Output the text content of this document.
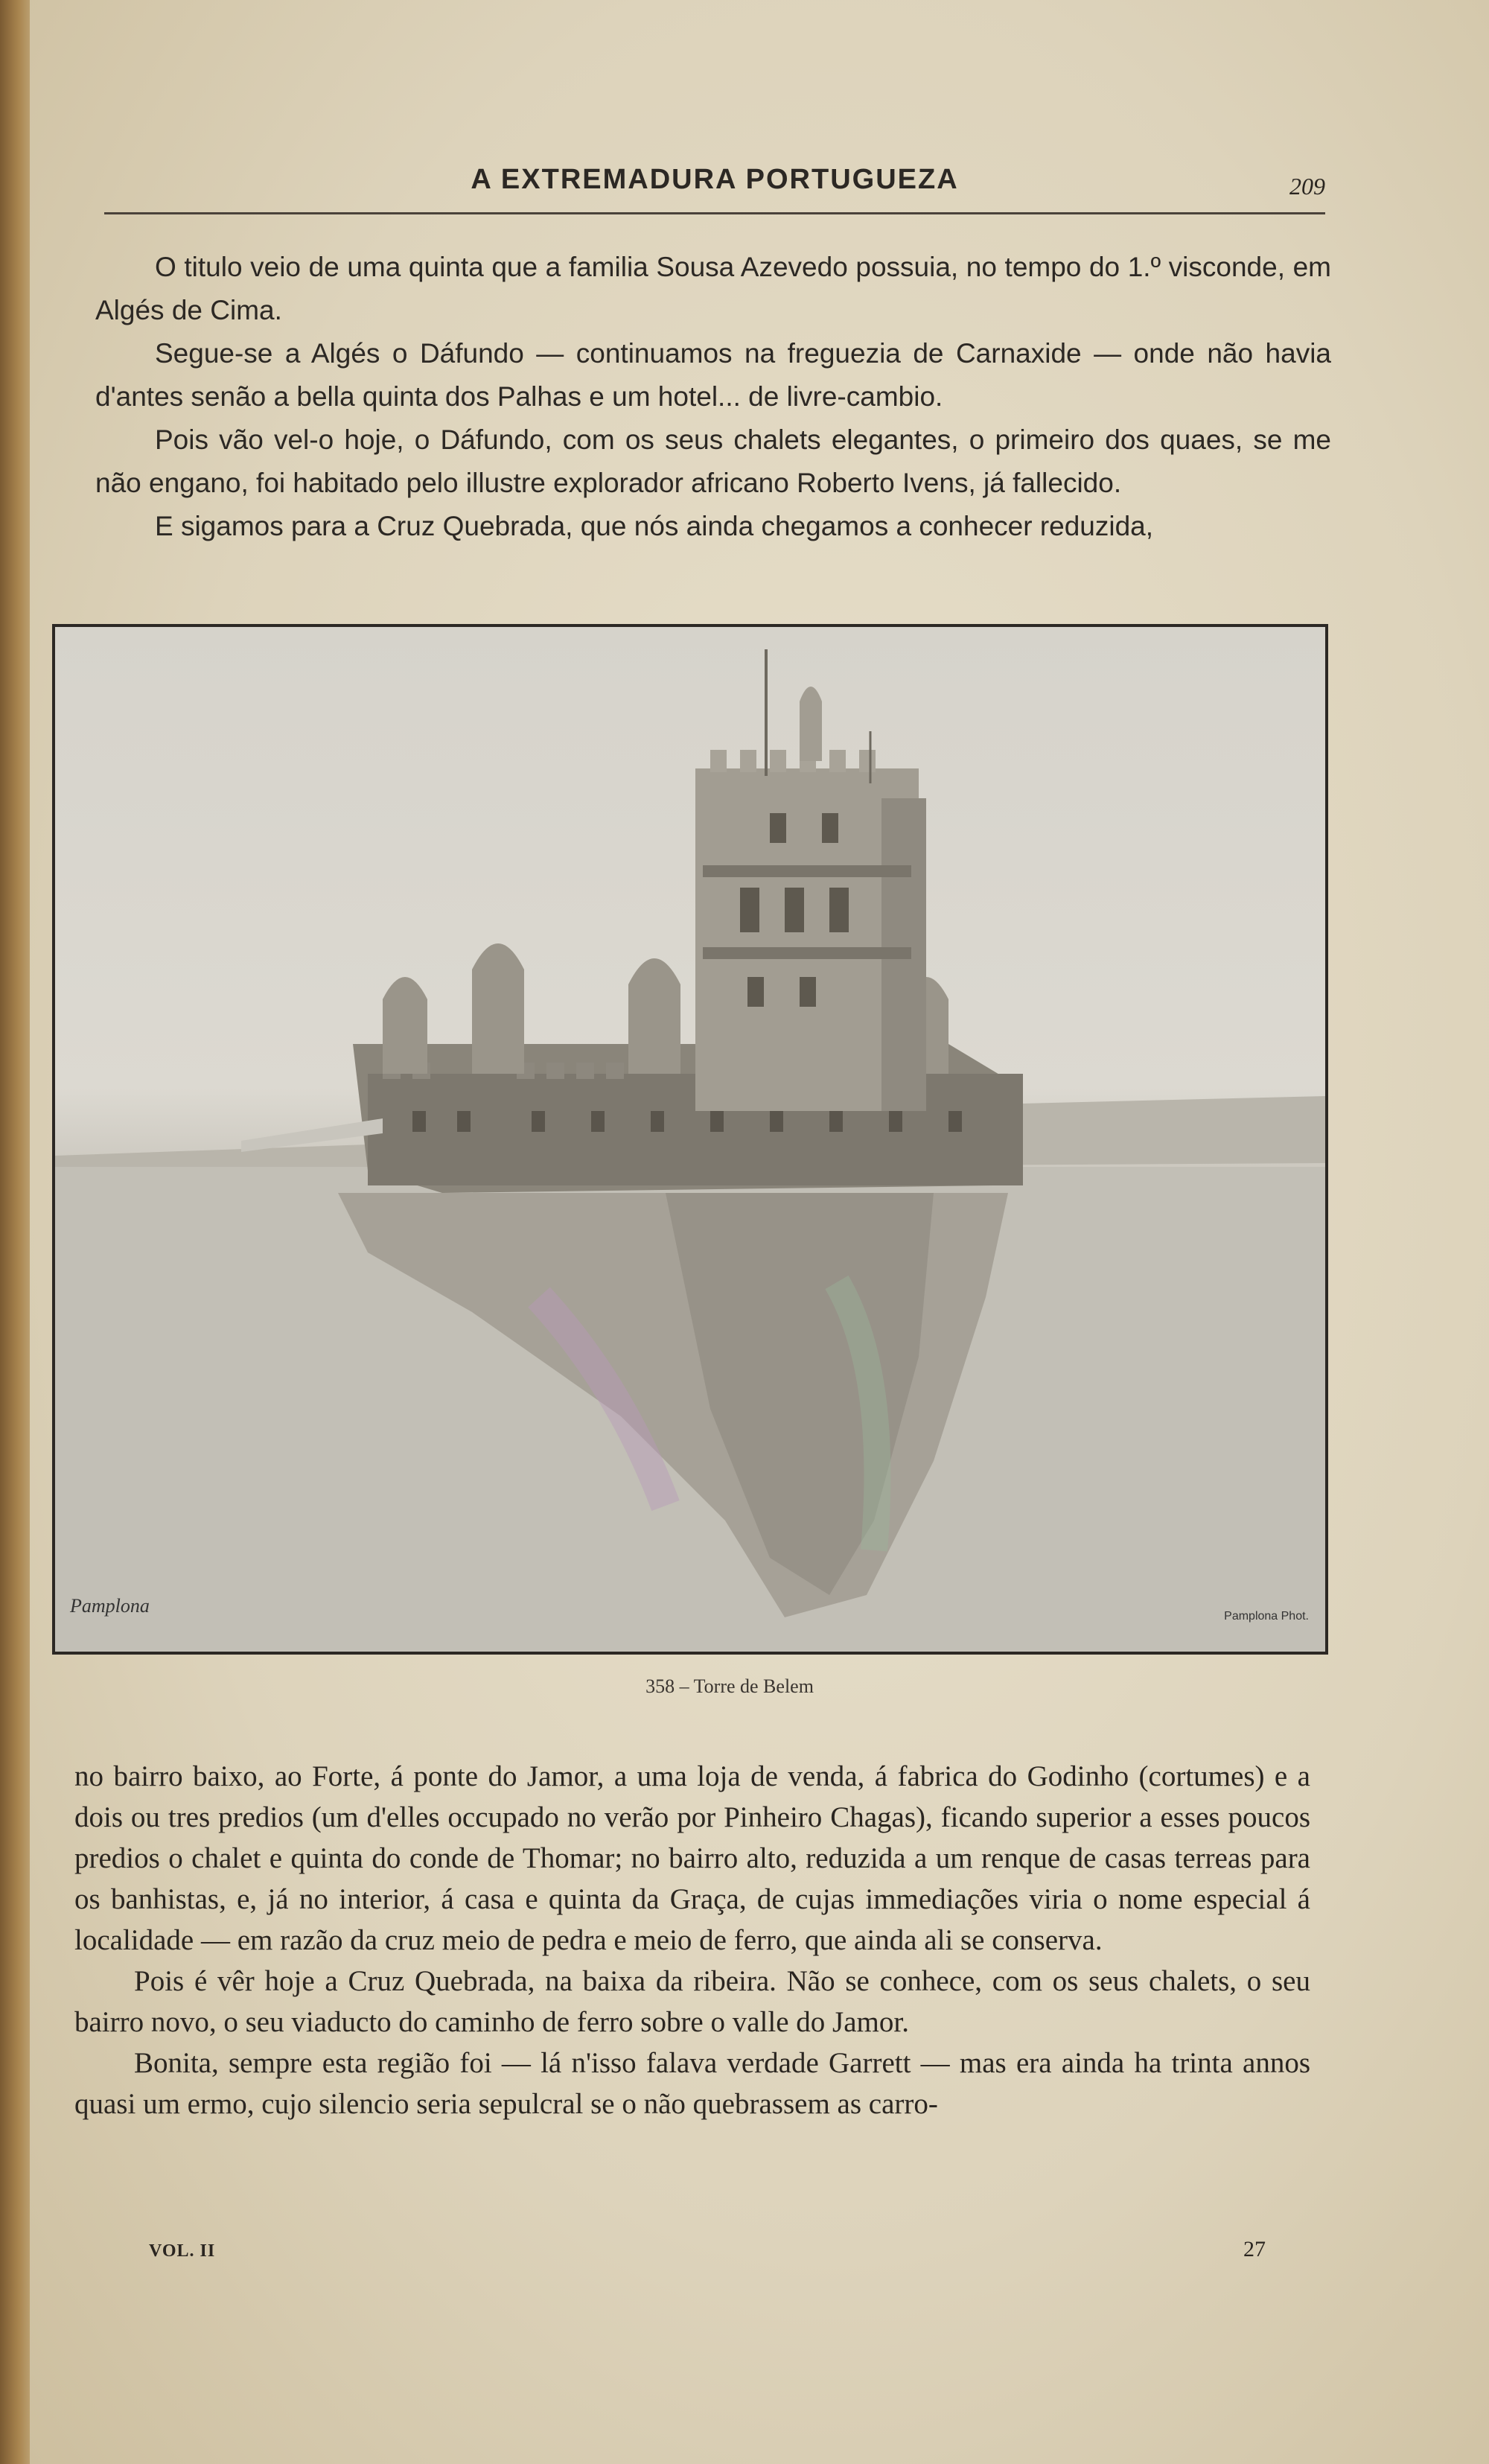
A EXTREMADURA PORTUGUEZA	209

O titulo veio de uma quinta que a familia Sousa Azevedo possuia, no tempo do 1.º visconde, em Algés de Cima.

Segue-se a Algés o Dáfundo — continuamos na freguezia de Carnaxide — onde não havia d'antes senão a bella quinta dos Palhas e um hotel... de livre-cambio.

Pois vão vel-o hoje, o Dáfundo, com os seus chalets elegantes, o primeiro dos quaes, se me não engano, foi habitado pelo illustre explorador africano Roberto Ivens, já fallecido.

E sigamos para a Cruz Quebrada, que nós ainda chegamos a conhecer reduzida,

Pamplona	Pamplona Phot.
358 – Torre de Belem

no bairro baixo, ao Forte, á ponte do Jamor, a uma loja de venda, á fabrica do Godinho (cortumes) e a dois ou tres predios (um d'elles occupado no verão por Pinheiro Chagas), ficando superior a esses poucos predios o chalet e quinta do conde de Thomar; no bairro alto, reduzida a um renque de casas terreas para os banhistas, e, já no interior, á casa e quinta da Graça, de cujas immediações viria o nome especial á localidade — em razão da cruz meio de pedra e meio de ferro, que ainda ali se conserva.

Pois é vêr hoje a Cruz Quebrada, na baixa da ribeira. Não se conhece, com os seus chalets, o seu bairro novo, o seu viaducto do caminho de ferro sobre o valle do Jamor.

Bonita, sempre esta região foi — lá n'isso falava verdade Garrett — mas era ainda ha trinta annos quasi um ermo, cujo silencio seria sepulcral se o não quebrassem as carro-

VOL. II	27
